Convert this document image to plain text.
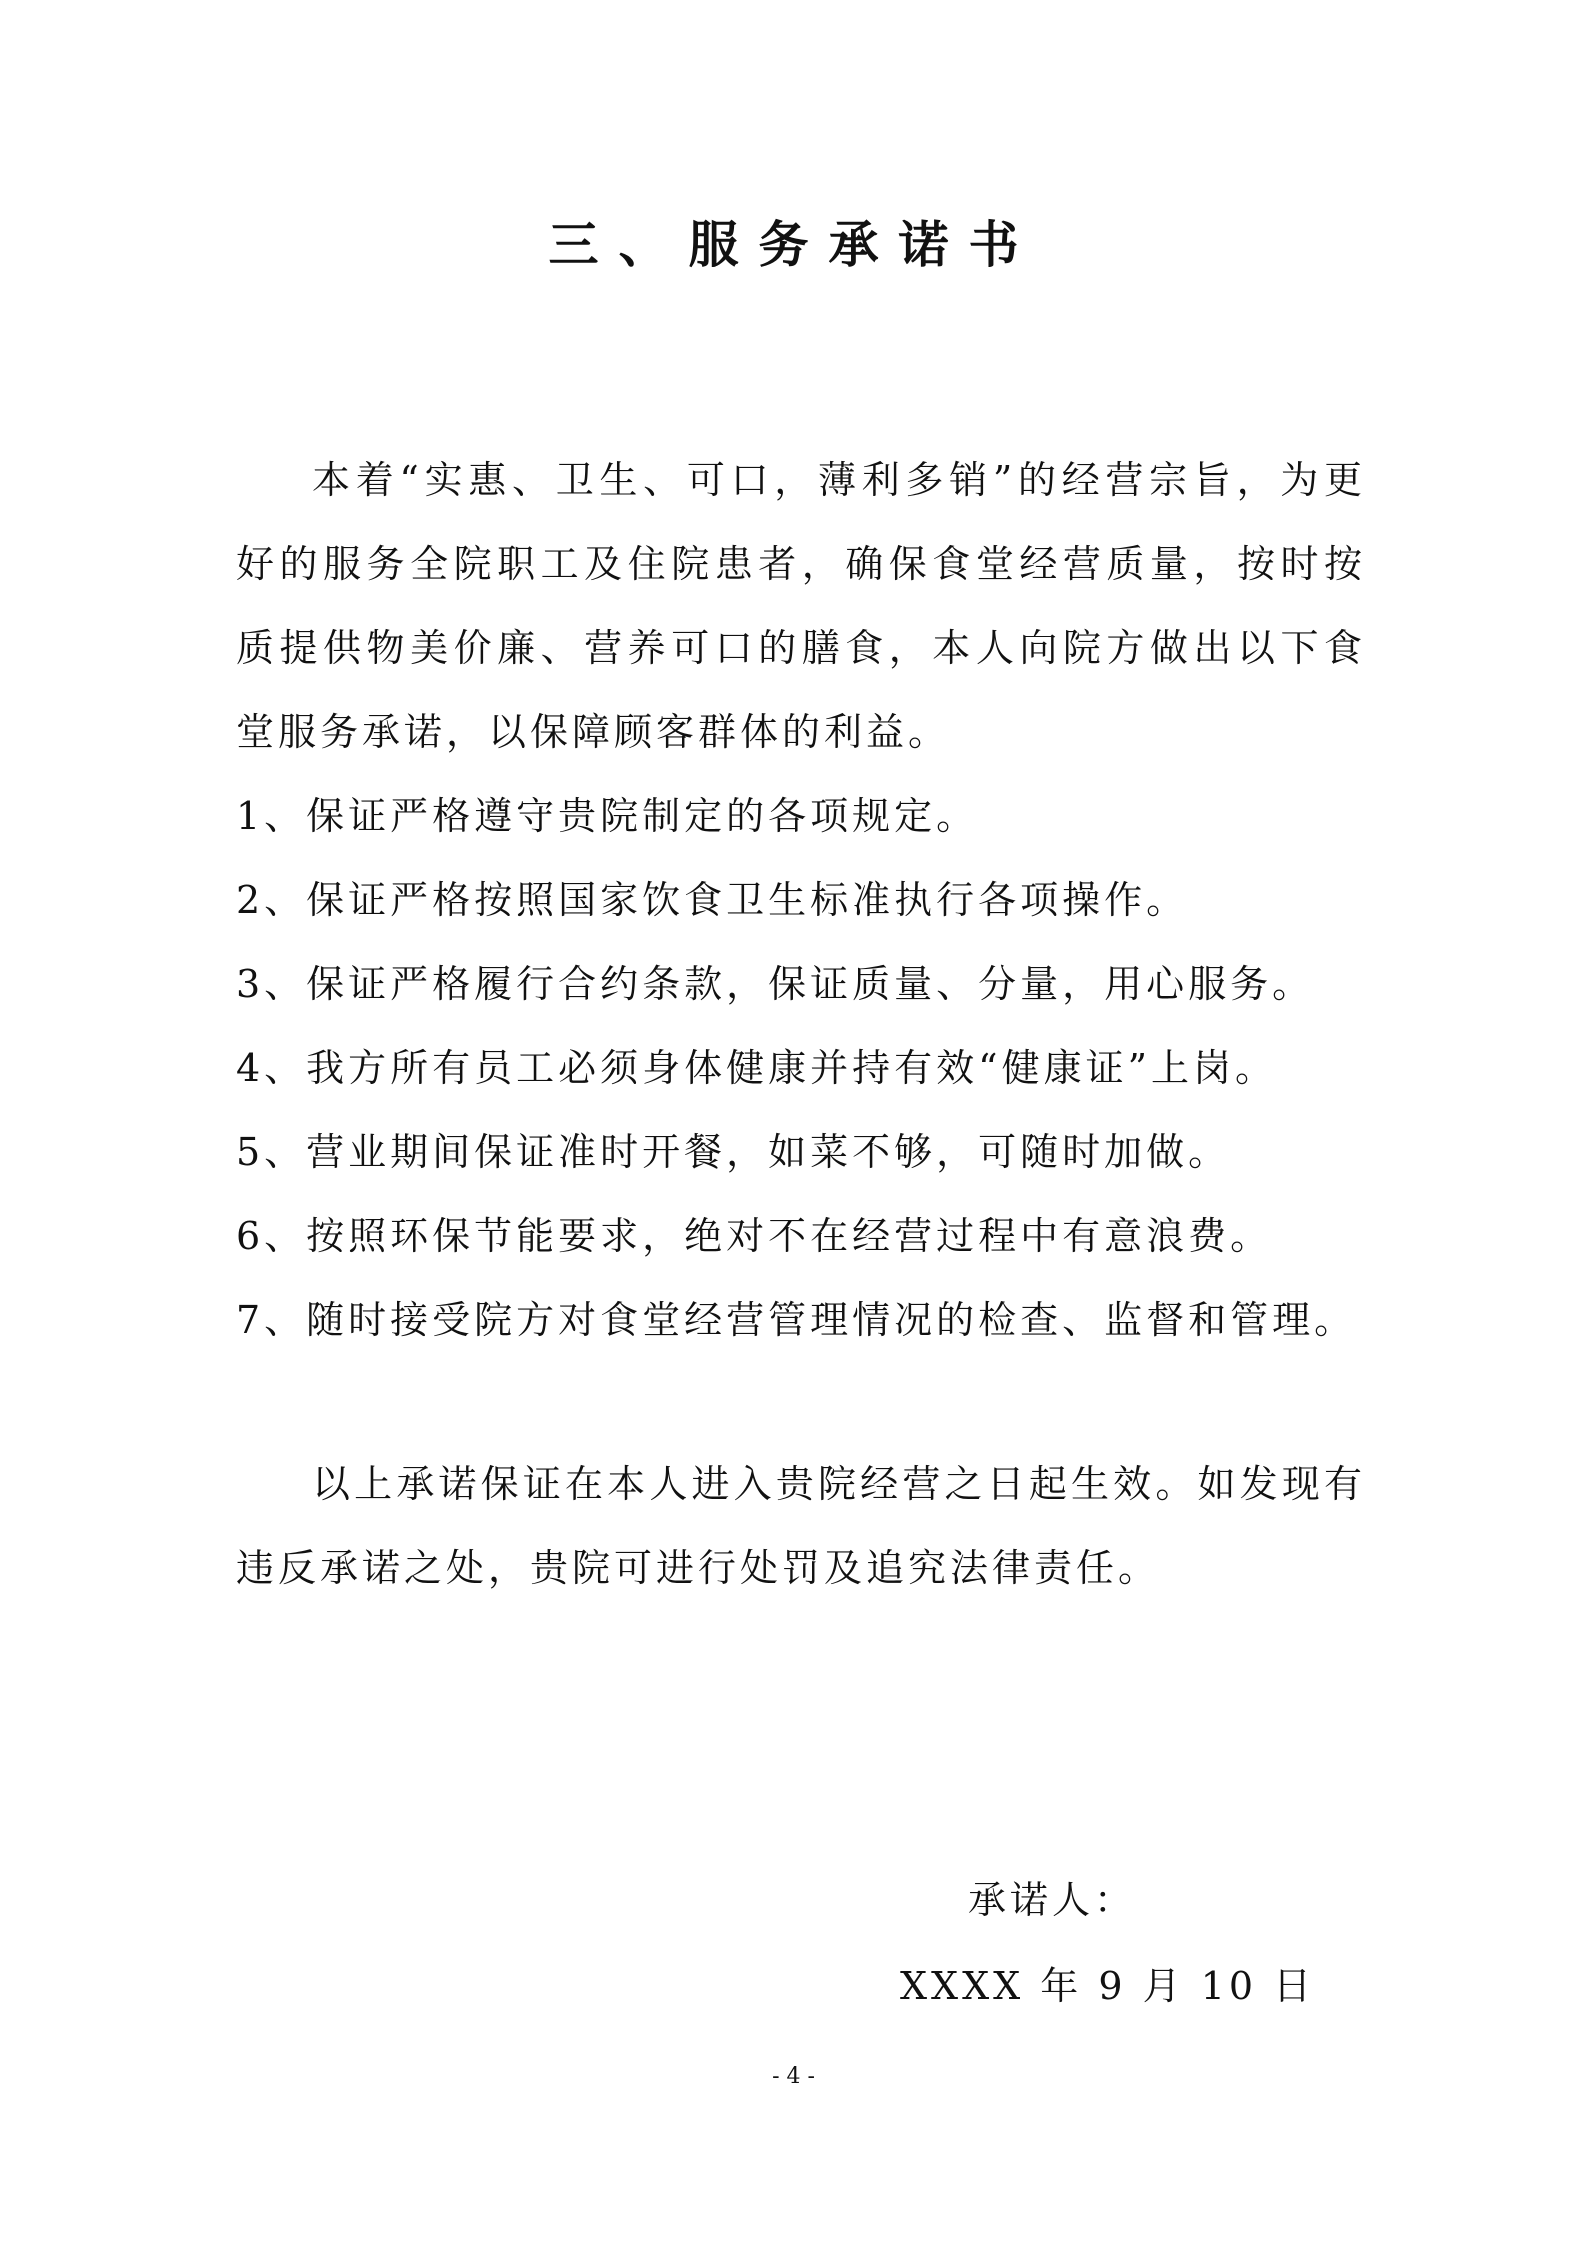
三、服务承诺书

本着“实惠、卫生、可口，薄利多销”的经营宗旨，为更好的服务全院职工及住院患者，确保食堂经营质量，按时按质提供物美价廉、营养可口的膳食，本人向院方做出以下食堂服务承诺，以保障顾客群体的利益。

1、保证严格遵守贵院制定的各项规定。
2、保证严格按照国家饮食卫生标准执行各项操作。
3、保证严格履行合约条款，保证质量、分量，用心服务。
4、我方所有员工必须身体健康并持有效“健康证”上岗。
5、营业期间保证准时开餐，如菜不够，可随时加做。
6、按照环保节能要求，绝对不在经营过程中有意浪费。
7、随时接受院方对食堂经营管理情况的检查、监督和管理。

以上承诺保证在本人进入贵院经营之日起生效。如发现有违反承诺之处，贵院可进行处罚及追究法律责任。

承诺人：
XXXX 年 9 月 10 日
- 4 -
